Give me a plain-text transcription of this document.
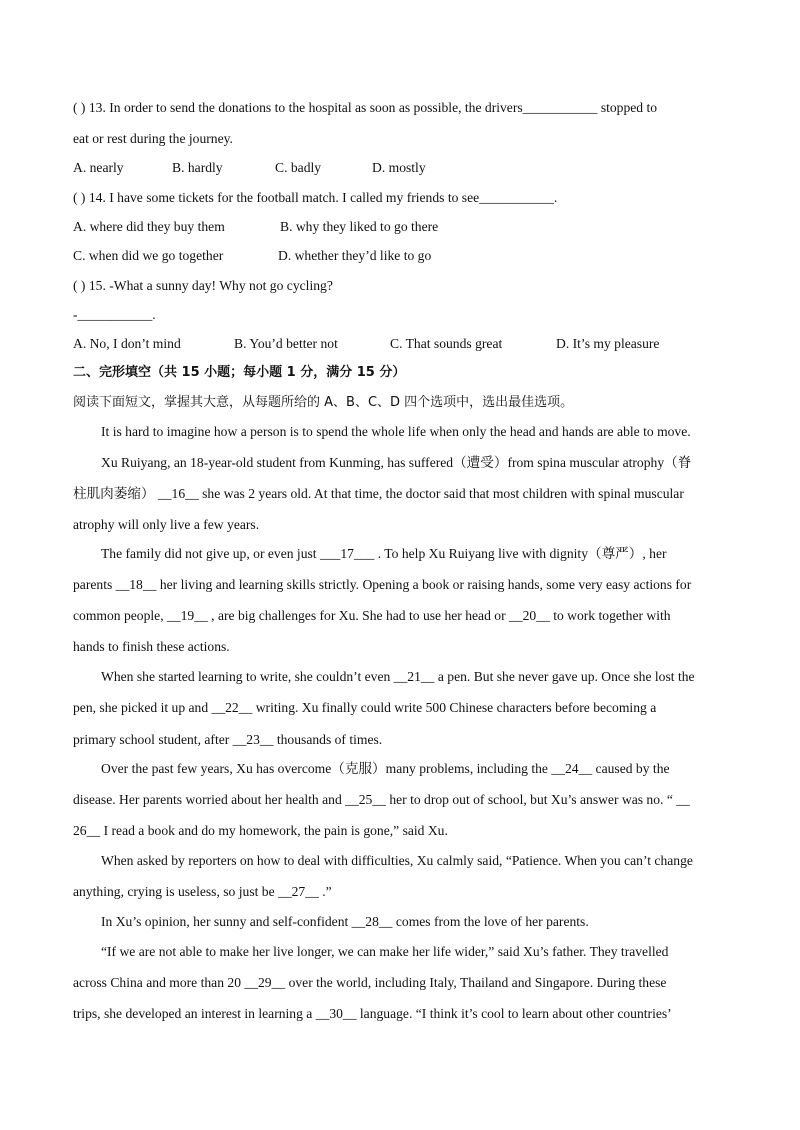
( ) 13. In order to send the donations to the hospital as soon as possible, the drivers___________ stopped to
eat or rest during the journey.
A. nearly	B. hardly	C. badly	D. mostly
( ) 14. I have some tickets for the football match. I called my friends to see___________.
A. where did they buy them	B. why they liked to go there
C. when did we go together	D. whether they’d like to go
( ) 15. -What a sunny day! Why not go cycling?
-___________.
A. No, I don’t mind	B. You’d better not	C. That sounds great	D. It’s my pleasure
二、完形填空（共 15 小题；每小题 1 分，满分 15 分）
阅读下面短文，掌握其大意，从每题所给的 A、B、C、D 四个选项中，选出最佳选项。
It is hard to imagine how a person is to spend the whole life when only the head and hands are able to move.
Xu Ruiyang, an 18-year-old student from Kunming, has suffered（遭受）from spina muscular atrophy（脊
柱肌肉萎缩） __16__ she was 2 years old. At that time, the doctor said that most children with spinal muscular
atrophy will only live a few years.
The family did not give up, or even just ___17___ . To help Xu Ruiyang live with dignity（尊严）, her
parents __18__ her living and learning skills strictly. Opening a book or raising hands, some very easy actions for
common people, __19__ , are big challenges for Xu. She had to use her head or __20__ to work together with
hands to finish these actions.
When she started learning to write, she couldn’t even __21__ a pen. But she never gave up. Once she lost the
pen, she picked it up and __22__ writing. Xu finally could write 500 Chinese characters before becoming a
primary school student, after __23__ thousands of times.
Over the past few years, Xu has overcome（克服）many problems, including the __24__ caused by the
disease. Her parents worried about her health and __25__ her to drop out of school, but Xu’s answer was no. “ __
26__ I read a book and do my homework, the pain is gone,” said Xu.
When asked by reporters on how to deal with difficulties, Xu calmly said, “Patience. When you can’t change
anything, crying is useless, so just be __27__ .”
In Xu’s opinion, her sunny and self-confident __28__ comes from the love of her parents.
“If we are not able to make her live longer, we can make her life wider,” said Xu’s father. They travelled
across China and more than 20 __29__ over the world, including Italy, Thailand and Singapore. During these
trips, she developed an interest in learning a __30__ language. “I think it’s cool to learn about other countries’
